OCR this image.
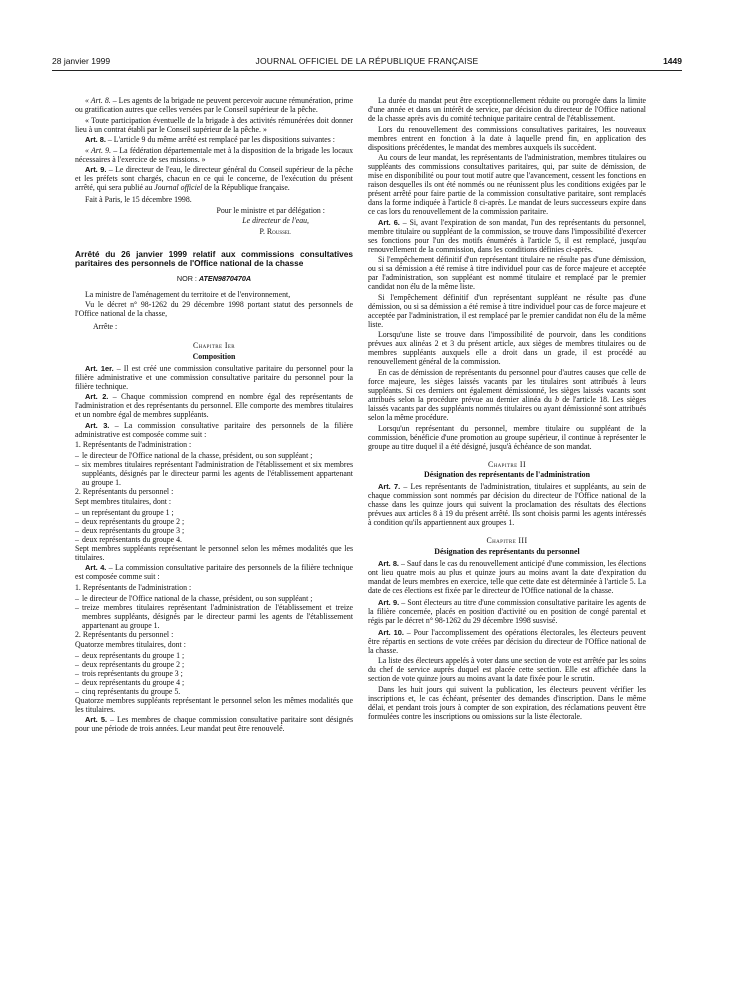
28 janvier 1999	JOURNAL OFFICIEL DE LA RÉPUBLIQUE FRANÇAISE	1449

« Art. 8. – Les agents de la brigade ne peuvent percevoir aucune rémunération, prime ou gratification autres que celles versées par le Conseil supérieur de la pêche.

« Toute participation éventuelle de la brigade à des activités rémunérées doit donner lieu à un contrat établi par le Conseil supérieur de la pêche. »

Art. 8. – L'article 9 du même arrêté est remplacé par les dispositions suivantes :

« Art. 9. – La fédération départementale met à la disposition de la brigade les locaux nécessaires à l'exercice de ses missions. »

Art. 9. – Le directeur de l'eau, le directeur général du Conseil supérieur de la pêche et les préfets sont chargés, chacun en ce qui le concerne, de l'exécution du présent arrêté, qui sera publié au Journal officiel de la République française.

Fait à Paris, le 15 décembre 1998.

Pour le ministre et par délégation :

Le directeur de l'eau,

P. Roussel

Arrêté du 26 janvier 1999 relatif aux commissions consultatives paritaires des personnels de l'Office national de la chasse

NOR : ATEN9870470A

La ministre de l'aménagement du territoire et de l'environnement,

Vu le décret n° 98-1262 du 29 décembre 1998 portant statut des personnels de l'Office national de la chasse,

Arrête :

Chapitre Ier

Composition

Art. 1er. – Il est créé une commission consultative paritaire du personnel pour la filière administrative et une commission consultative paritaire du personnel pour la filière technique.

Art. 2. – Chaque commission comprend en nombre égal des représentants de l'administration et des représentants du personnel. Elle comporte des membres titulaires et un nombre égal de membres suppléants.

Art. 3. – La commission consultative paritaire des personnels de la filière administrative est composée comme suit :

1. Représentants de l'administration :

– le directeur de l'Office national de la chasse, président, ou son suppléant ;

– six membres titulaires représentant l'administration de l'établissement et six membres suppléants, désignés par le directeur parmi les agents de l'établissement appartenant au groupe 1.

2. Représentants du personnel :

Sept membres titulaires, dont :

– un représentant du groupe 1 ;

– deux représentants du groupe 2 ;

– deux représentants du groupe 3 ;

– deux représentants du groupe 4.

Sept membres suppléants représentant le personnel selon les mêmes modalités que les titulaires.

Art. 4. – La commission consultative paritaire des personnels de la filière technique est composée comme suit :

1. Représentants de l'administration :

– le directeur de l'Office national de la chasse, président, ou son suppléant ;

– treize membres titulaires représentant l'administration de l'établissement et treize membres suppléants, désignés par le directeur parmi les agents de l'établissement appartenant au groupe 1.

2. Représentants du personnel :

Quatorze membres titulaires, dont :

– deux représentants du groupe 1 ;

– deux représentants du groupe 2 ;

– trois représentants du groupe 3 ;

– deux représentants du groupe 4 ;

– cinq représentants du groupe 5.

Quatorze membres suppléants représentant le personnel selon les mêmes modalités que les titulaires.

Art. 5. – Les membres de chaque commission consultative paritaire sont désignés pour une période de trois années. Leur mandat peut être renouvelé.

La durée du mandat peut être exceptionnellement réduite ou prorogée dans la limite d'une année et dans un intérêt de service, par décision du directeur de l'Office national de la chasse après avis du comité technique paritaire central de l'établissement.

Lors du renouvellement des commissions consultatives paritaires, les nouveaux membres entrent en fonction à la date à laquelle prend fin, en application des dispositions précédentes, le mandat des membres auxquels ils succèdent.

Au cours de leur mandat, les représentants de l'administration, membres titulaires ou suppléants des commissions consultatives paritaires, qui, par suite de démission, de mise en disponibilité ou pour tout motif autre que l'avancement, cessent les fonctions en raison desquelles ils ont été nommés ou ne réunissent plus les conditions exigées par le présent arrêté pour faire partie de la commission consultative paritaire, sont remplacés dans la forme indiquée à l'article 8 ci-après. Le mandat de leurs successeurs expire dans ce cas lors du renouvellement de la commission paritaire.

Art. 6. – Si, avant l'expiration de son mandat, l'un des représentants du personnel, membre titulaire ou suppléant de la commission, se trouve dans l'impossibilité d'exercer ses fonctions pour l'un des motifs énumérés à l'article 5, il est remplacé, jusqu'au renouvellement de la commission, dans les conditions définies ci-après.

Si l'empêchement définitif d'un représentant titulaire ne résulte pas d'une démission, ou si sa démission a été remise à titre individuel pour cas de force majeure et acceptée par l'administration, son suppléant est nommé titulaire et remplacé par le premier candidat non élu de la même liste.

Si l'empêchement définitif d'un représentant suppléant ne résulte pas d'une démission, ou si sa démission a été remise à titre individuel pour cas de force majeure et acceptée par l'administration, il est remplacé par le premier candidat non élu de la même liste.

Lorsqu'une liste se trouve dans l'impossibilité de pourvoir, dans les conditions prévues aux alinéas 2 et 3 du présent article, aux sièges de membres titulaires ou de membres suppléants auxquels elle a droit dans un grade, il est procédé au renouvellement général de la commission.

En cas de démission de représentants du personnel pour d'autres causes que celle de force majeure, les sièges laissés vacants par les titulaires sont attribués à leurs suppléants. Si ces derniers ont également démissionné, les sièges laissés vacants sont attribués selon la procédure prévue au dernier alinéa du b de l'article 18. Les sièges laissés vacants par des suppléants nommés titulaires ou ayant démissionné sont attribués selon la même procédure.

Lorsqu'un représentant du personnel, membre titulaire ou suppléant de la commission, bénéficie d'une promotion au groupe supérieur, il continue à représenter le groupe au titre duquel il a été désigné, jusqu'à échéance de son mandat.

Chapitre II

Désignation des représentants de l'administration

Art. 7. – Les représentants de l'administration, titulaires et suppléants, au sein de chaque commission sont nommés par décision du directeur de l'Office national de la chasse dans les quinze jours qui suivent la proclamation des résultats des élections prévues aux articles 8 à 19 du présent arrêté. Ils sont choisis parmi les agents intéressés à condition qu'ils appartiennent aux groupes 1.

Chapitre III

Désignation des représentants du personnel

Art. 8. – Sauf dans le cas du renouvellement anticipé d'une commission, les élections ont lieu quatre mois au plus et quinze jours au moins avant la date d'expiration du mandat de leurs membres en exercice, telle que cette date est déterminée à l'article 5. La date de ces élections est fixée par le directeur de l'Office national de la chasse.

Art. 9. – Sont électeurs au titre d'une commission consultative paritaire les agents de la filière concernée, placés en position d'activité ou en position de congé parental et régis par le décret n° 98-1262 du 29 décembre 1998 susvisé.

Art. 10. – Pour l'accomplissement des opérations électorales, les électeurs peuvent être répartis en sections de vote créées par décision du directeur de l'Office national de la chasse.

La liste des électeurs appelés à voter dans une section de vote est arrêtée par les soins du chef de service auprès duquel est placée cette section. Elle est affichée dans la section de vote quinze jours au moins avant la date fixée pour le scrutin.

Dans les huit jours qui suivent la publication, les électeurs peuvent vérifier les inscriptions et, le cas échéant, présenter des demandes d'inscription. Dans le même délai, et pendant trois jours à compter de son expiration, des réclamations peuvent être formulées contre les inscriptions ou omissions sur la liste électorale.
